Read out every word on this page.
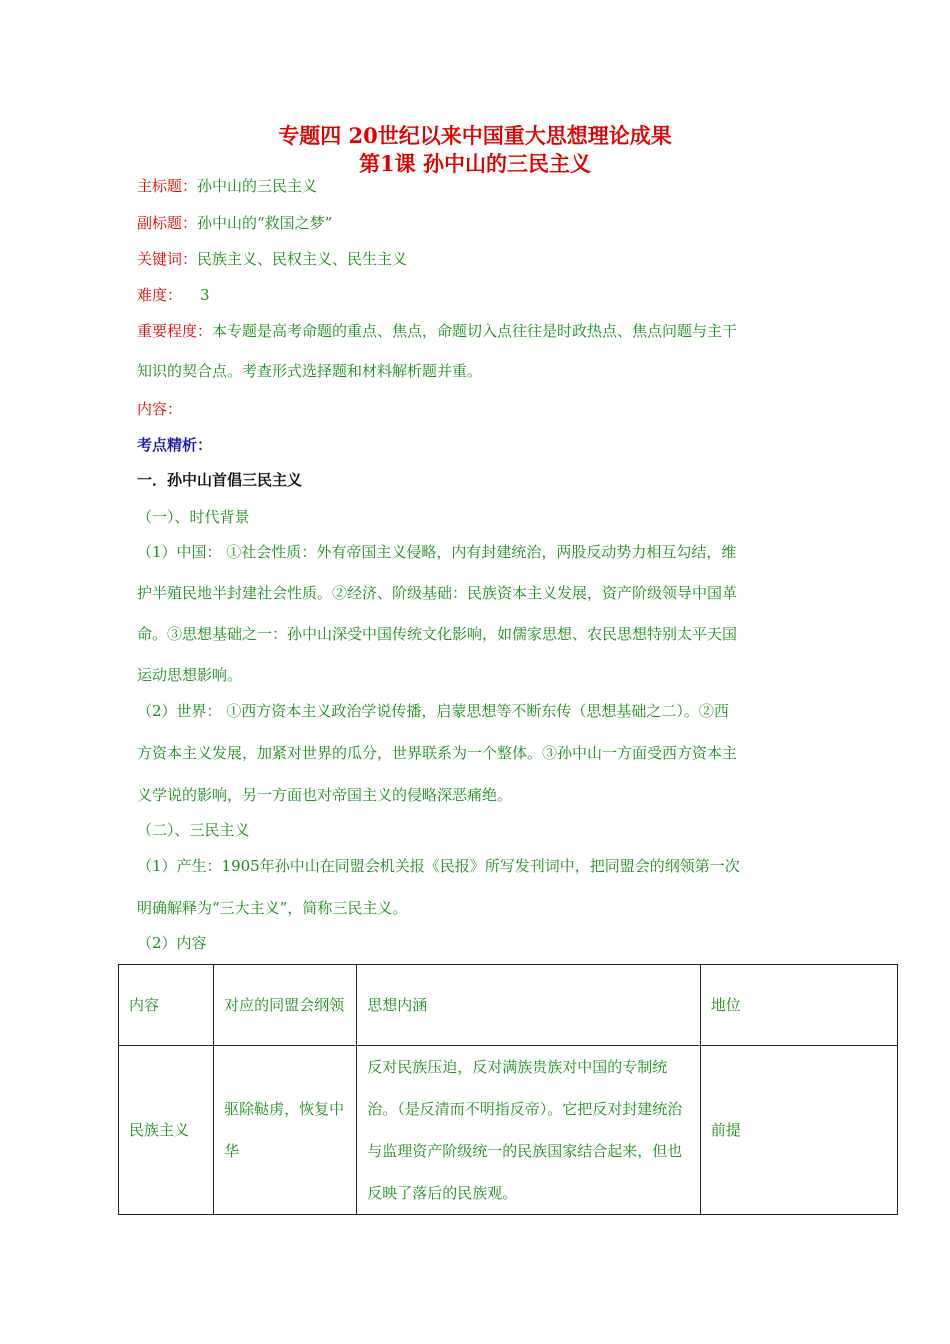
专题四 20世纪以来中国重大思想理论成果
第1课 孙中山的三民主义
主标题：孙中山的三民主义
副标题：孙中山的“救国之梦”
关键词：民族主义、民权主义、民生主义
难度： 3
重要程度：本专题是高考命题的重点、焦点，命题切入点往往是时政热点、焦点问题与主干
知识的契合点。考查形式选择题和材料解析题并重。
内容：
考点精析：
一．孙中山首倡三民主义
（一）、时代背景
（1）中国： ①社会性质：外有帝国主义侵略，内有封建统治，两股反动势力相互勾结，维
护半殖民地半封建社会性质。②经济、阶级基础：民族资本主义发展，资产阶级领导中国革
命。③思想基础之一：孙中山深受中国传统文化影响，如儒家思想、农民思想特别太平天国
运动思想影响。
（2）世界： ①西方资本主义政治学说传播，启蒙思想等不断东传（思想基础之二）。②西
方资本主义发展，加紧对世界的瓜分，世界联系为一个整体。③孙中山一方面受西方资本主
义学说的影响，另一方面也对帝国主义的侵略深恶痛绝。
（二）、三民主义
（1）产生：1905年孙中山在同盟会机关报《民报》所写发刊词中，把同盟会的纲领第一次
明确解释为“三大主义”，简称三民主义。
（2）内容
内容	对应的同盟会纲领	思想内涵	地位
民族主义	驱除鞑虏，恢复中华	反对民族压迫，反对满族贵族对中国的专制统治。（是反清而不明指反帝）。它把反对封建统治与监理资产阶级统一的民族国家结合起来，但也反映了落后的民族观。	前提
